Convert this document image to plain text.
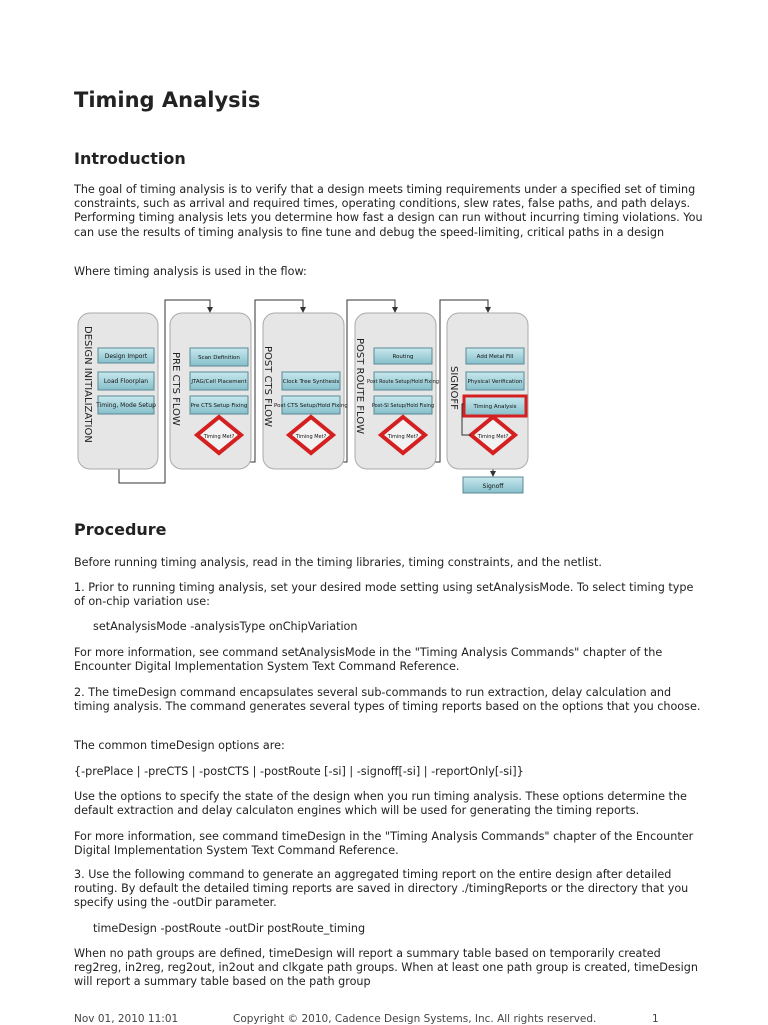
Timing Analysis
Introduction

The goal of timing analysis is to verify that a design meets timing requirements under a specified set of timing constraints, such as arrival and required times, operating conditions, slew rates, false paths, and path delays. Performing timing analysis lets you determine how fast a design can run without incurring timing violations. You can use the results of timing analysis to fine tune and debug the speed-limiting, critical paths in a design

Where timing analysis is used in the flow:

DESIGN INITIALIZATION Design Import
Load Floorplan
Timing, Mode Setup PRE CTS FLOW	Scan Definition
JTAG/Cell Placement
Pre CTS Setup Fixing
Timing Met?
POST CTS FLOW Clock Tree Synthesis
Post CTS Setup/Hold Fixing
Timing Met?
POST ROUTE FLOW	Routing
Post Route Setup/Hold Fixing
Post-SI Setup/Hold Fixing
Timing Met?
SIGNOFF
Add Metal Fill
Physical Verification
Timing Analysis
Timing Met?
Signoff
Procedure

Before running timing analysis, read in the timing libraries, timing constraints, and the netlist.

1. Prior to running timing analysis, set your desired mode setting using setAnalysisMode. To select timing type of on-chip variation use:

setAnalysisMode -analysisType onChipVariation

For more information, see command setAnalysisMode in the "Timing Analysis Commands" chapter of the Encounter Digital Implementation System Text Command Reference.

2. The timeDesign command encapsulates several sub-commands to run extraction, delay calculation and timing analysis. The command generates several types of timing reports based on the options that you choose.

The common timeDesign options are:

{-prePlace | -preCTS | -postCTS | -postRoute [-si] | -signoff[-si] | -reportOnly[-si]}

Use the options to specify the state of the design when you run timing analysis. These options determine the default extraction and delay calculaton engines which will be used for generating the timing reports.

For more information, see command timeDesign in the "Timing Analysis Commands" chapter of the Encounter Digital Implementation System Text Command Reference.

3. Use the following command to generate an aggregated timing report on the entire design after detailed routing. By default the detailed timing reports are saved in directory ./timingReports or the directory that you specify using the -outDir parameter.

timeDesign -postRoute -outDir postRoute_timing

When no path groups are defined, timeDesign will report a summary table based on temporarily created reg2reg, in2reg, reg2out, in2out and clkgate path groups. When at least one path group is created, timeDesign will report a summary table based on the path group

Nov 01, 2010 11:01	Copyright © 2010, Cadence Design Systems, Inc. All rights reserved.	1
